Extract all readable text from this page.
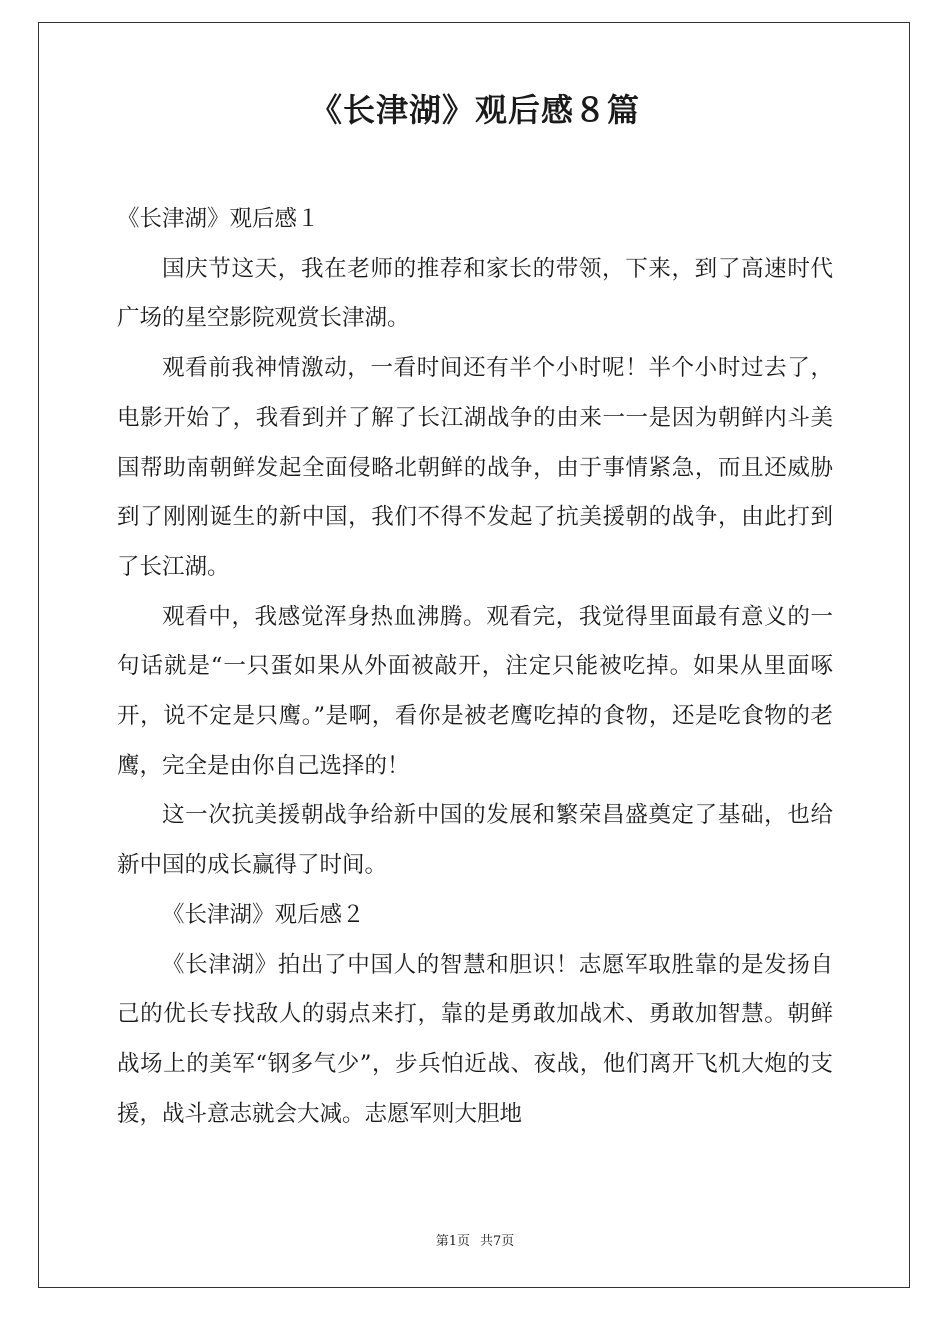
《长津湖》观后感８篇

《长津湖》观后感１

国庆节这天，我在老师的推荐和家长的带领，下来，到了高速时代广场的星空影院观赏长津湖。

观看前我神情激动，一看时间还有半个小时呢！半个小时过去了，电影开始了，我看到并了解了长江湖战争的由来一一是因为朝鲜内斗美国帮助南朝鲜发起全面侵略北朝鲜的战争，由于事情紧急，而且还威胁到了刚刚诞生的新中国，我们不得不发起了抗美援朝的战争，由此打到了长江湖。

观看中，我感觉浑身热血沸腾。观看完，我觉得里面最有意义的一句话就是“一只蛋如果从外面被敲开，注定只能被吃掉。如果从里面啄开，说不定是只鹰。”是啊，看你是被老鹰吃掉的食物，还是吃食物的老鹰，完全是由你自己选择的！

这一次抗美援朝战争给新中国的发展和繁荣昌盛奠定了基础，也给新中国的成长赢得了时间。

《长津湖》观后感２

《长津湖》拍出了中国人的智慧和胆识！志愿军取胜靠的是发扬自己的优长专找敌人的弱点来打，靠的是勇敢加战术、勇敢加智慧。朝鲜战场上的美军“钢多气少”，步兵怕近战、夜战，他们离开飞机大炮的支援，战斗意志就会大减。志愿军则大胆地

第1页 共7页
